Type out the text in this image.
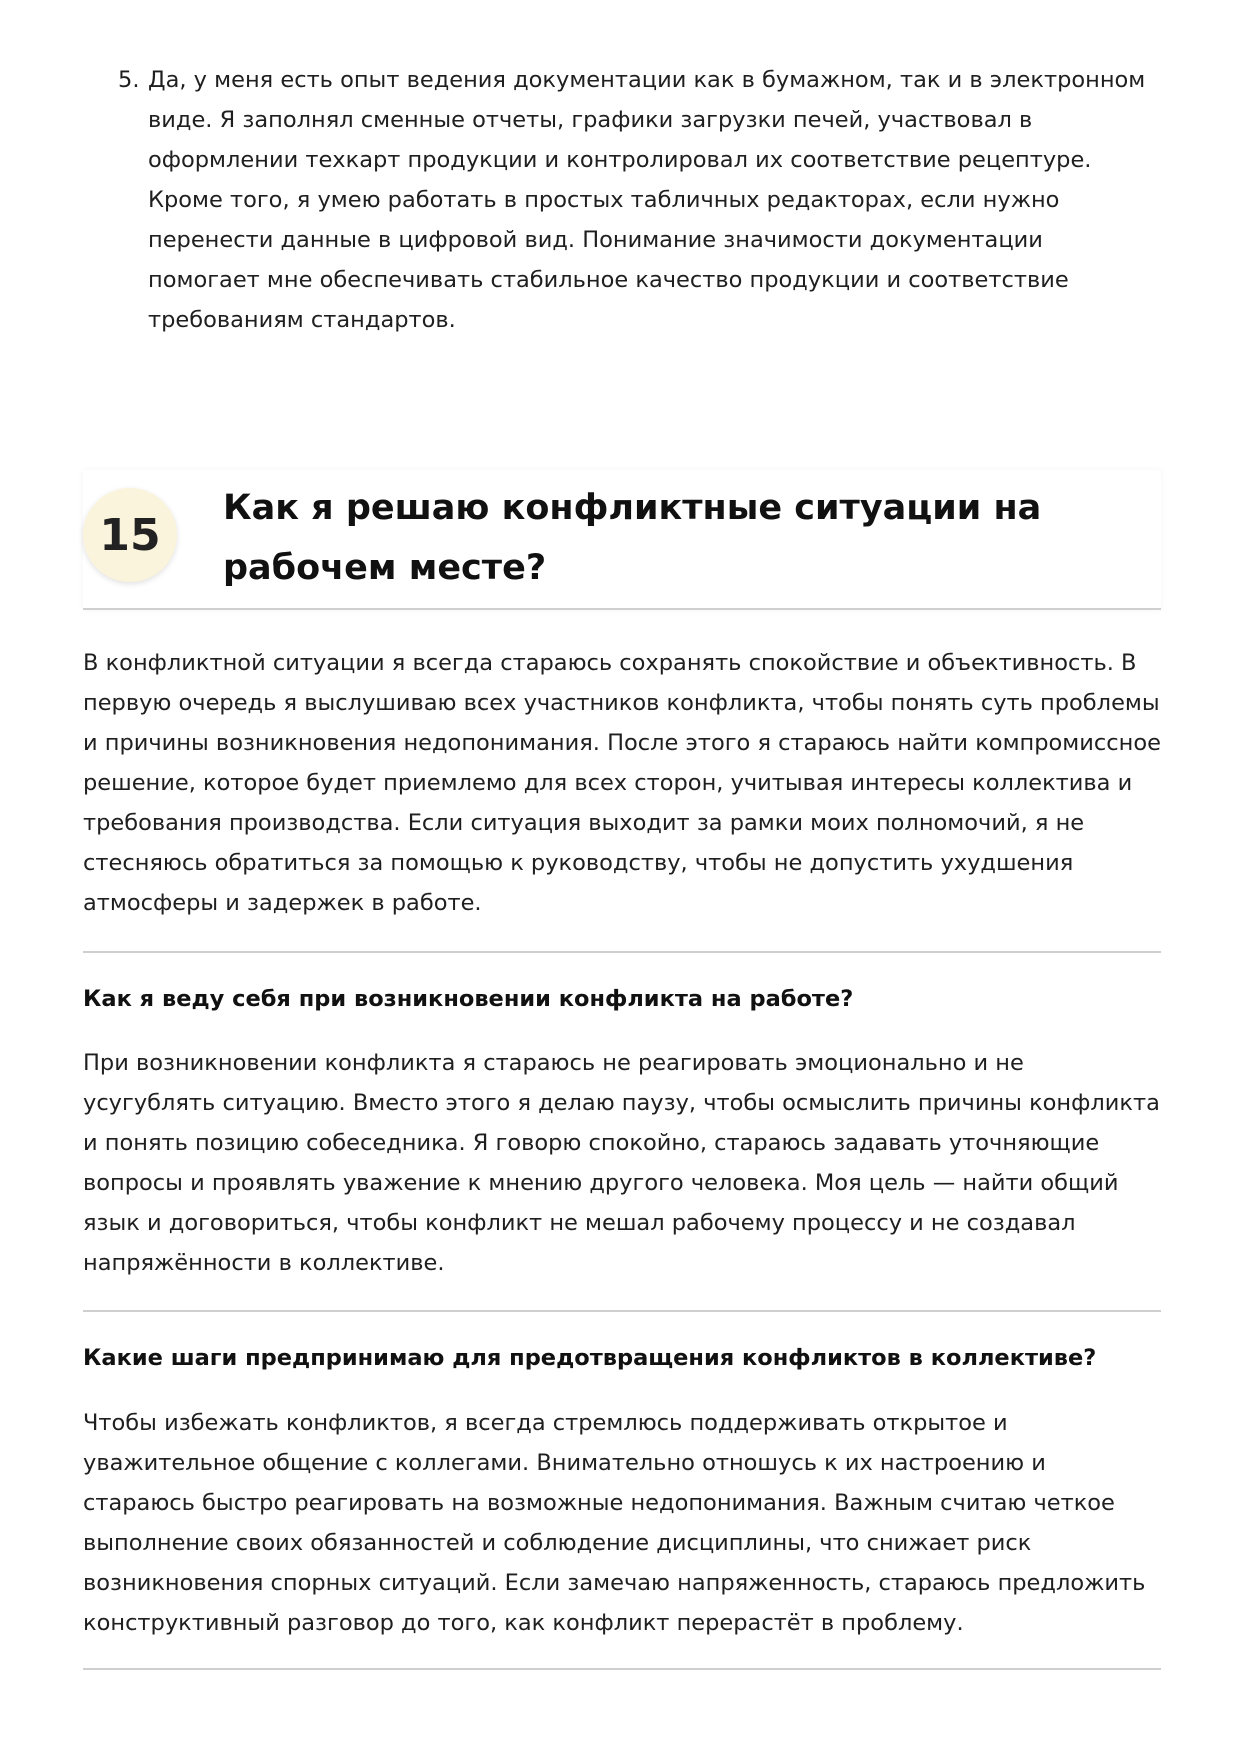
5. Да, у меня есть опыт ведения документации как в бумажном, так и в электронном виде. Я заполнял сменные отчеты, графики загрузки печей, участвовал в оформлении техкарт продукции и контролировал их соответствие рецептуре. Кроме того, я умею работать в простых табличных редакторах, если нужно перенести данные в цифровой вид. Понимание значимости документации помогает мне обеспечивать стабильное качество продукции и соответствие требованиям стандартов.
15
Как я решаю конфликтные ситуации на рабочем месте?

В конфликтной ситуации я всегда стараюсь сохранять спокойствие и объективность. В первую очередь я выслушиваю всех участников конфликта, чтобы понять суть проблемы и причины возникновения недопонимания. После этого я стараюсь найти компромиссное решение, которое будет приемлемо для всех сторон, учитывая интересы коллектива и требования производства. Если ситуация выходит за рамки моих полномочий, я не стесняюсь обратиться за помощью к руководству, чтобы не допустить ухудшения атмосферы и задержек в работе.

Как я веду себя при возникновении конфликта на работе?

При возникновении конфликта я стараюсь не реагировать эмоционально и не усугублять ситуацию. Вместо этого я делаю паузу, чтобы осмыслить причины конфликта и понять позицию собеседника. Я говорю спокойно, стараюсь задавать уточняющие вопросы и проявлять уважение к мнению другого человека. Моя цель — найти общий язык и договориться, чтобы конфликт не мешал рабочему процессу и не создавал напряжённости в коллективе.

Какие шаги предпринимаю для предотвращения конфликтов в коллективе?

Чтобы избежать конфликтов, я всегда стремлюсь поддерживать открытое и уважительное общение с коллегами. Внимательно отношусь к их настроению и стараюсь быстро реагировать на возможные недопонимания. Важным считаю четкое выполнение своих обязанностей и соблюдение дисциплины, что снижает риск возникновения спорных ситуаций. Если замечаю напряженность, стараюсь предложить конструктивный разговор до того, как конфликт перерастёт в проблему.
